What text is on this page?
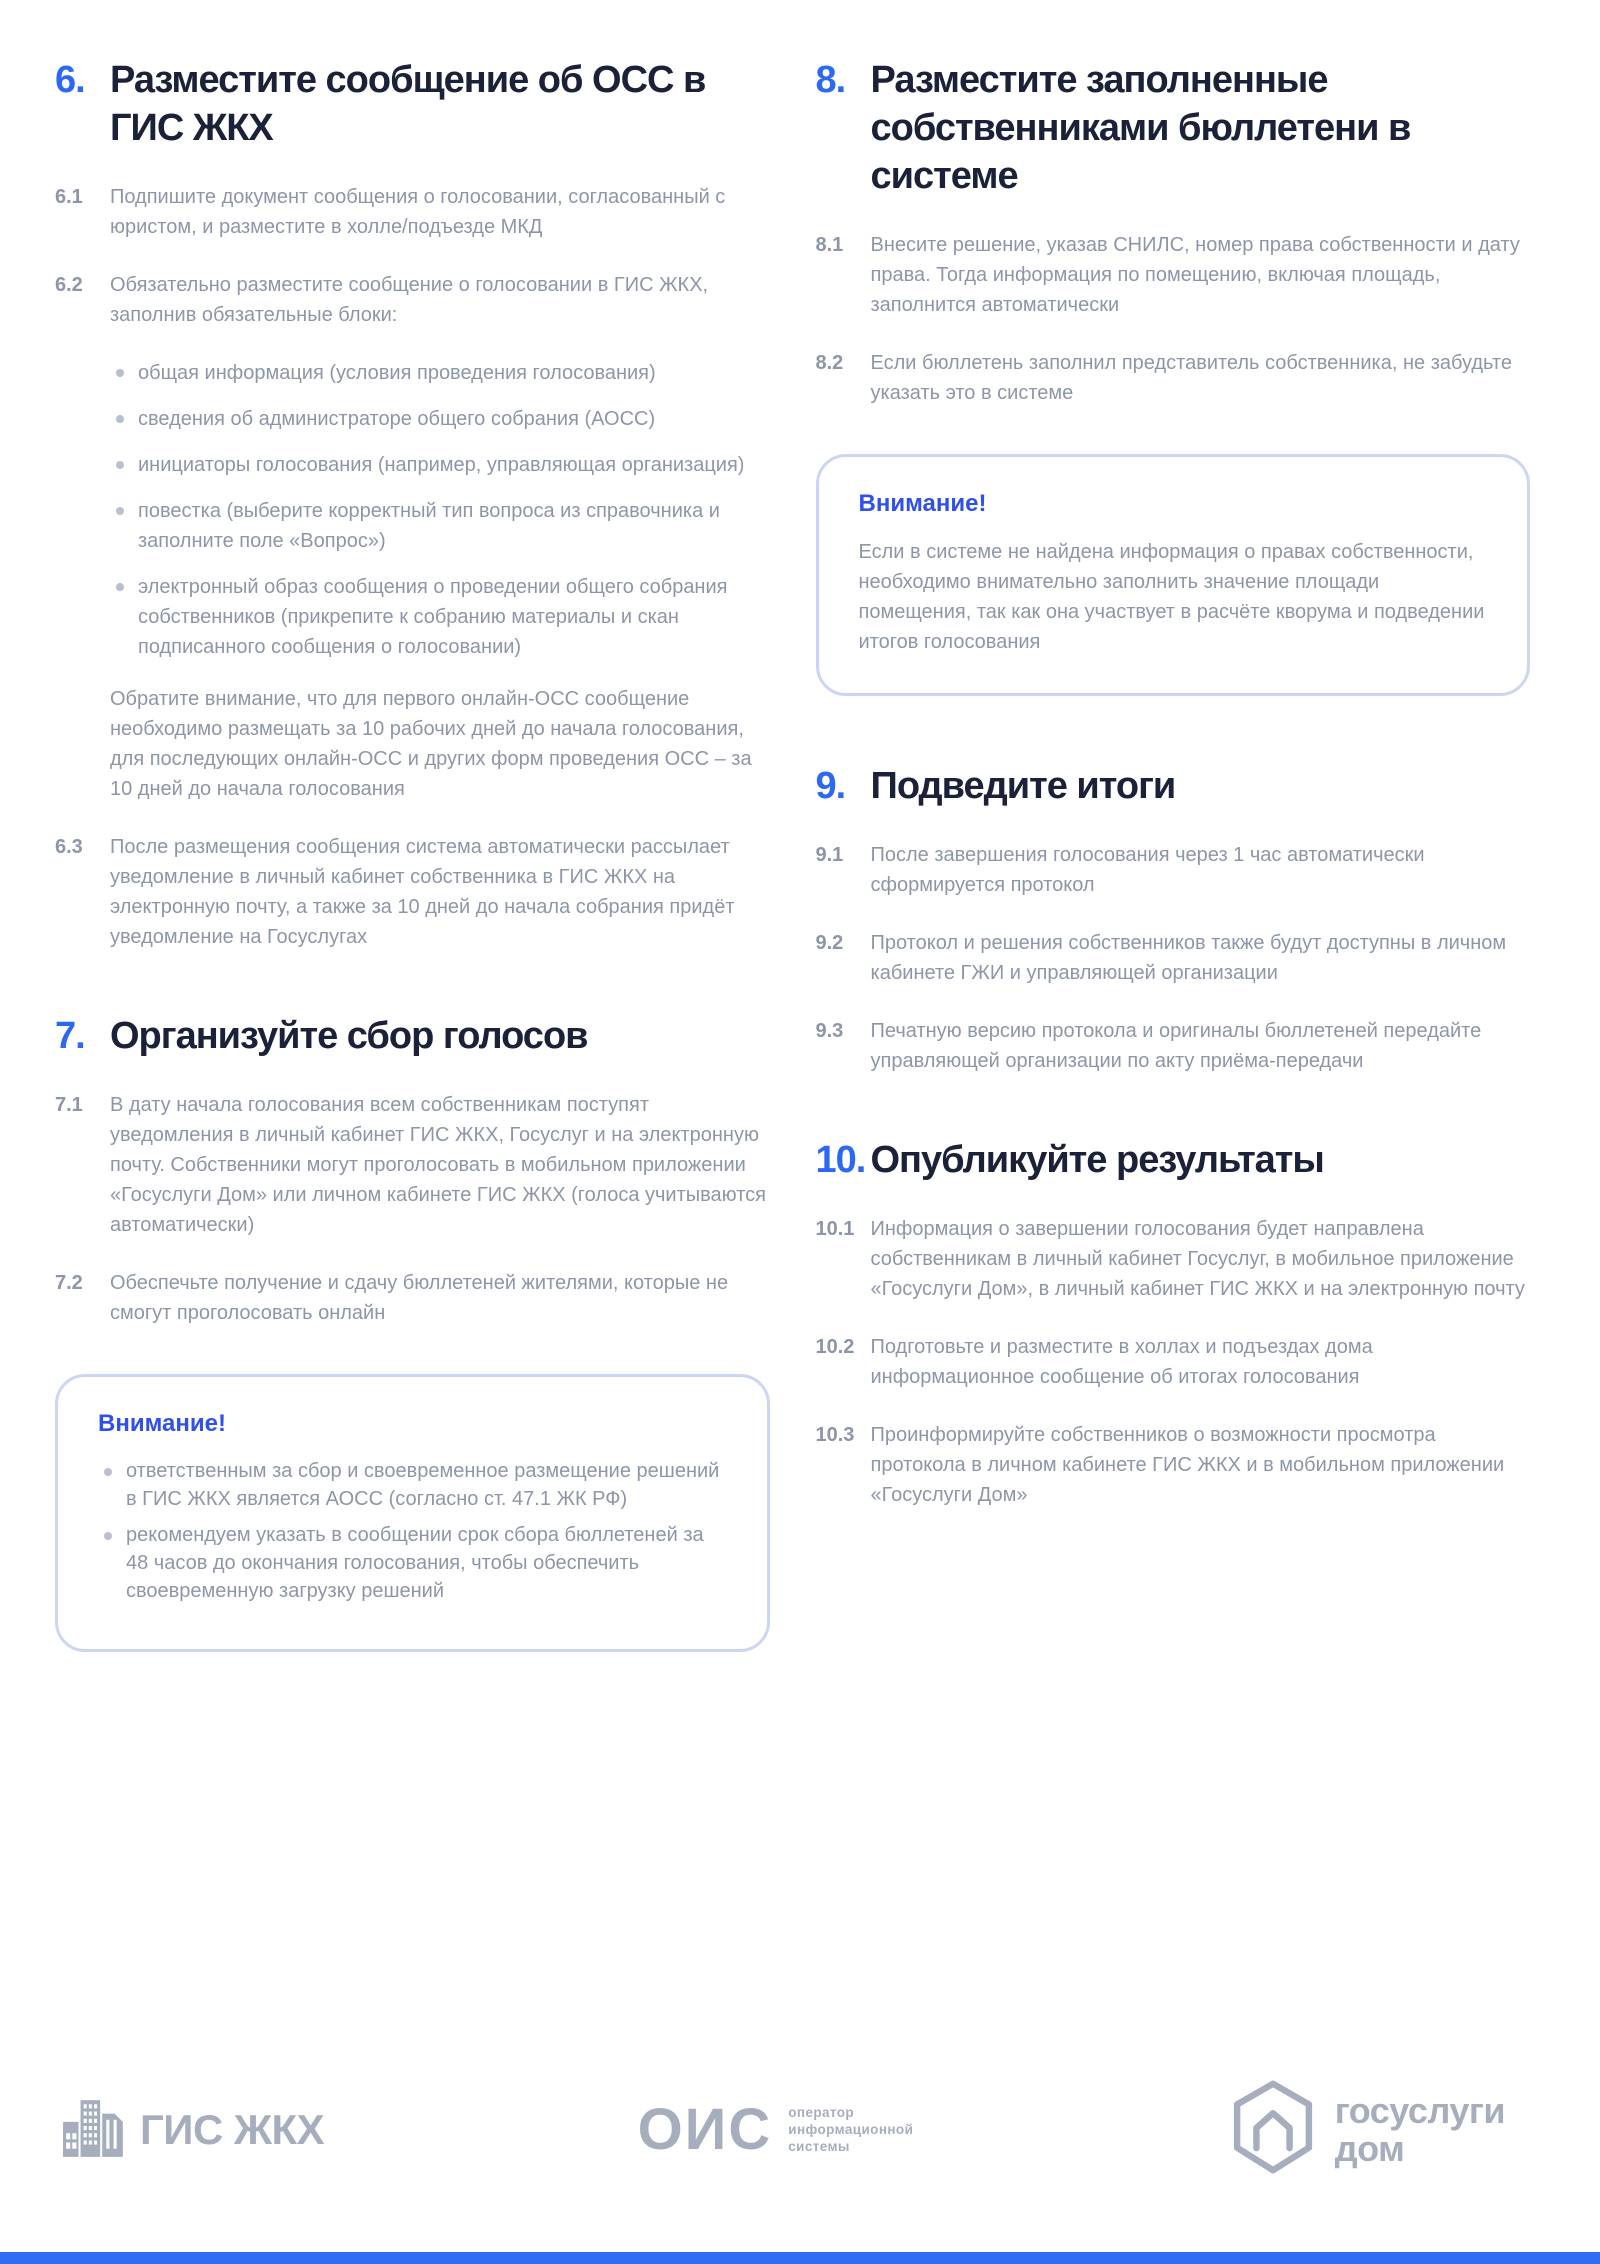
6. Разместите сообщение об ОСС в ГИС ЖКХ
6.1	Подпишите документ сообщения о голосовании, согласованный с юристом, и разместите в холле/подъезде МКД

6.2	Обязательно разместите сообщение о голосовании в ГИС ЖКХ, заполнив обязательные блоки:

общая информация (условия проведения голосования)
сведения об администраторе общего собрания (АОСС)
инициаторы голосования (например, управляющая организация)
повестка (выберите корректный тип вопроса из справочника и заполните поле «Вопрос»)
электронный образ сообщения о проведении общего собрания собственников (прикрепите к собранию материалы и скан подписанного сообщения о голосовании)

Обратите внимание, что для первого онлайн-ОСС сообщение необходимо размещать за 10 рабочих дней до начала голосования, для последующих онлайн-ОСС и других форм проведения ОСС – за 10 дней до начала голосования

6.3	После размещения сообщения система автоматически рассылает уведомление в личный кабинет собственника в ГИС ЖКХ на электронную почту, а также за 10 дней до начала собрания придёт уведомление на Госуслугах

7. Организуйте сбор голосов
7.1	В дату начала голосования всем собственникам поступят уведомления в личный кабинет ГИС ЖКХ, Госуслуг и на электронную почту. Собственники могут проголосовать в мобильном приложении «Госуслуги Дом» или личном кабинете ГИС ЖКХ (голоса учитываются автоматически)

7.2	Обеспечьте получение и сдачу бюллетеней жителями, которые не смогут проголосовать онлайн

Внимание!
ответственным за сбор и своевременное размещение решений в ГИС ЖКХ является АОСС (согласно ст. 47.1 ЖК РФ)
рекомендуем указать в сообщении срок сбора бюллетеней за 48 часов до окончания голосования, чтобы обеспечить своевременную загрузку решений
8. Разместите заполненные собственниками бюллетени в системе
8.1	Внесите решение, указав СНИЛС, номер права собственности и дату права. Тогда информация по помещению, включая площадь, заполнится автоматически

8.2	Если бюллетень заполнил представитель собственника, не забудьте указать это в системе

Внимание!

Если в системе не найдена информация о правах собственности, необходимо внимательно заполнить значение площади помещения, так как она участвует в расчёте кворума и подведении итогов голосования

9. Подведите итоги
9.1	После завершения голосования через 1 час автоматически сформируется протокол

9.2	Протокол и решения собственников также будут доступны в личном кабинете ГЖИ и управляющей организации

9.3	Печатную версию протокола и оригиналы бюллетеней передайте управляющей организации по акту приёма-передачи

10. Опубликуйте результаты
10.1 Информация о завершении голосования будет направлена собственникам в личный кабинет Госуслуг, в мобильное приложение «Госуслуги Дом», в личный кабинет ГИС ЖКХ и на электронную почту

10.2 Подготовьте и разместите в холлах и подъездах дома информационное сообщение об итогах голосования

10.3 Проинформируйте собственников о возможности просмотра протокола в личном кабинете ГИС ЖКХ и в мобильном приложении «Госуслуги Дом»

ГИС ЖКХ	ОИС оператор
информационной
системы
госуслуги
дом
